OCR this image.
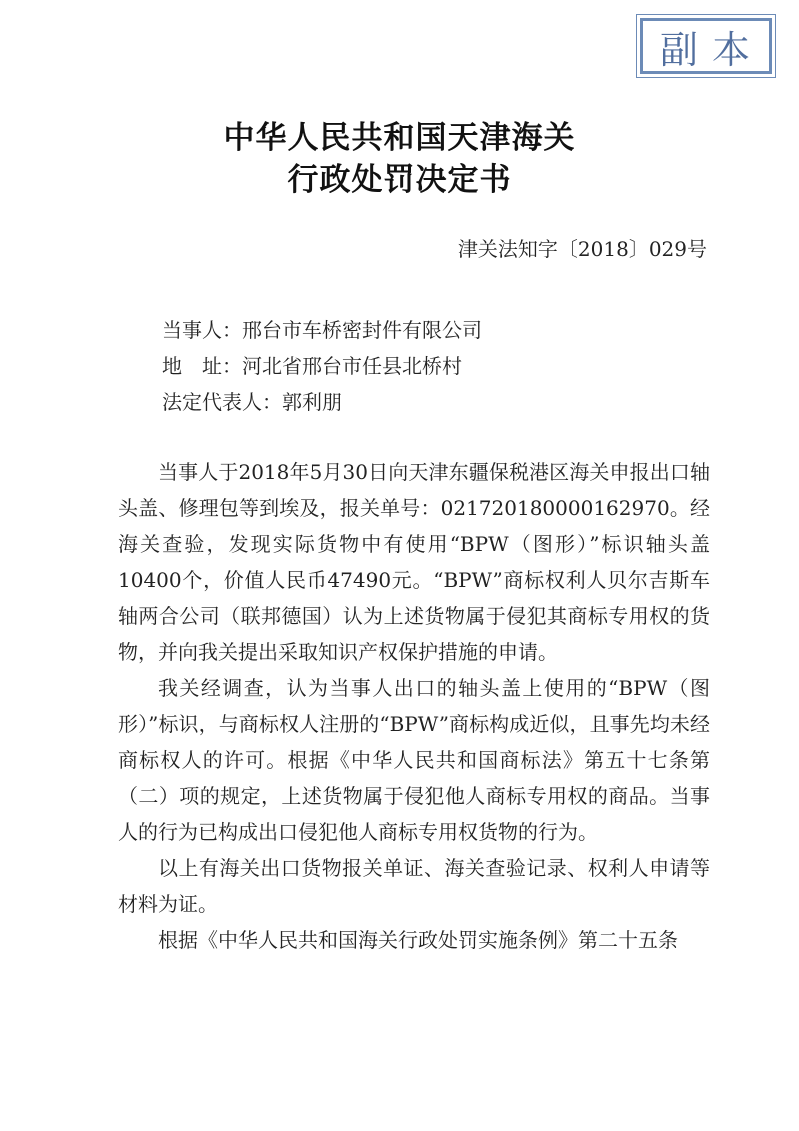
副本
中华人民共和国天津海关
行政处罚决定书
津关法知字〔2018〕029号
当事人：邢台市车桥密封件有限公司
地　址：河北省邢台市任县北桥村
法定代表人：郭利朋

当事人于2018年5月30日向天津东疆保税港区海关申报出口轴头盖、修理包等到埃及，报关单号：021720180000162970。经海关查验，发现实际货物中有使用“BPW（图形）”标识轴头盖10400个，价值人民币47490元。“BPW”商标权利人贝尔吉斯车轴两合公司（联邦德国）认为上述货物属于侵犯其商标专用权的货物，并向我关提出采取知识产权保护措施的申请。

我关经调查，认为当事人出口的轴头盖上使用的“BPW（图形）”标识，与商标权人注册的“BPW”商标构成近似，且事先均未经商标权人的许可。根据《中华人民共和国商标法》第五十七条第（二）项的规定，上述货物属于侵犯他人商标专用权的商品。当事人的行为已构成出口侵犯他人商标专用权货物的行为。

以上有海关出口货物报关单证、海关查验记录、权利人申请等材料为证。

根据《中华人民共和国海关行政处罚实施条例》第二十五条
